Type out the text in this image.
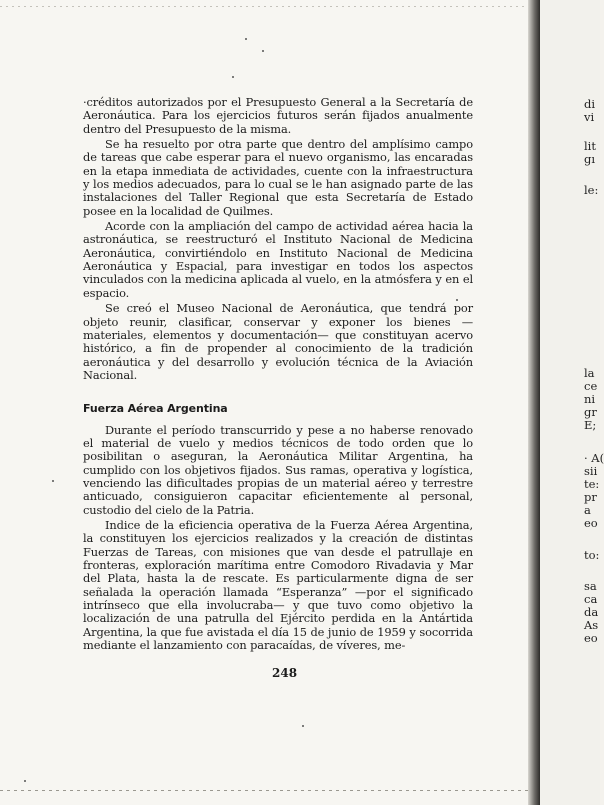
·créditos autorizados por el Presupuesto General a la Secretaría de Aeronáutica. Para los ejercicios futuros serán fijados anualmente dentro del Presupuesto de la misma.

Se ha resuelto por otra parte que dentro del amplísimo campo de tareas que cabe esperar para el nuevo organismo, las encaradas en la etapa inmediata de actividades, cuente con la infraestructura y los medios adecuados, para lo cual se le han asignado parte de las instalaciones del Taller Regional que esta Secretaría de Estado posee en la localidad de Quilmes.

Acorde con la ampliación del campo de actividad aérea hacia la astronáutica, se reestructuró el Instituto Nacional de Medicina Aeronáutica, convirtiéndolo en Instituto Nacional de Medicina Aeronáutica y Espacial, para investigar en todos los aspectos vinculados con la medicina aplicada al vuelo, en la atmósfera y en el espacio.

Se creó el Museo Nacional de Aeronáutica, que tendrá por objeto reunir, clasificar, conservar y exponer los bienes —materiales, elementos y documentación— que constituyan acervo histórico, a fin de propender al conocimiento de la tradición aeronáutica y del desarrollo y evolución técnica de la Aviación Nacional.

Fuerza Aérea Argentina

Durante el período transcurrido y pese a no haberse renovado el material de vuelo y medios técnicos de todo orden que lo posibilitan o aseguran, la Aeronáutica Militar Argentina, ha cumplido con los objetivos fijados. Sus ramas, operativa y logística, venciendo las dificultades propias de un material aéreo y terrestre anticuado, consiguieron capacitar eficientemente al personal, custodio del cielo de la Patria.

Indice de la eficiencia operativa de la Fuerza Aérea Argentina, la constituyen los ejercicios realizados y la creación de distintas Fuerzas de Tareas, con misiones que van desde el patrullaje en fronteras, exploración marítima entre Comodoro Rivadavia y Mar del Plata, hasta la de rescate. Es particularmente digna de ser señalada la operación llamada “Esperanza” —por el significado intrínseco que ella involucraba— y que tuvo como objetivo la localización de una patrulla del Ejército perdida en la Antártida Argentina, la que fue avistada el día 15 de junio de 1959 y socorrida mediante el lanzamiento con paracaídas, de víveres, me-

248
di
vi
lit
gı
le:
la
ce
ni
gr
E;
· A(
sii
te:
pr
a
eo
to:
sa
ca
da
As
eo
